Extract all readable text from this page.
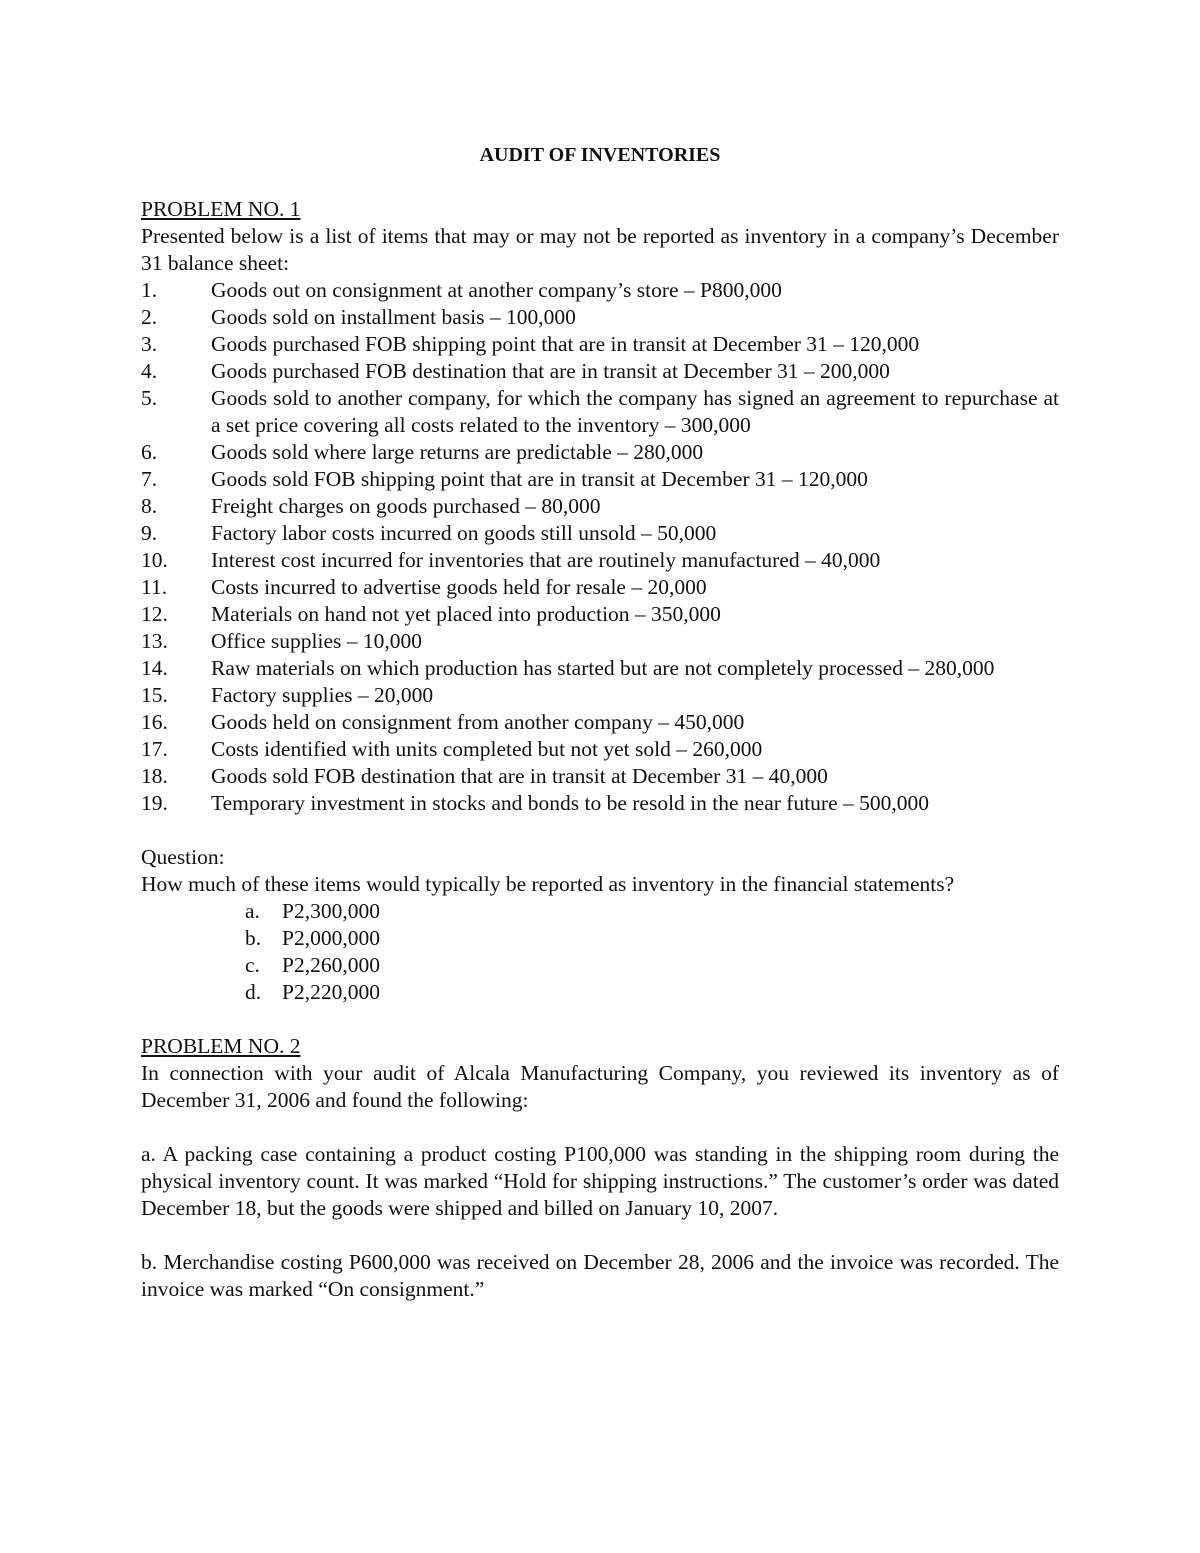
AUDIT OF INVENTORIES

PROBLEM NO. 1

Presented below is a list of items that may or may not be reported as inventory in a company’s December 31 balance sheet:

1.	Goods out on consignment at another company’s store – P800,000
2.	Goods sold on installment basis – 100,000
3.	Goods purchased FOB shipping point that are in transit at December 31 – 120,000
4.	Goods purchased FOB destination that are in transit at December 31 – 200,000
5.	Goods sold to another company, for which the company has signed an agreement to repurchase at a set price covering all costs related to the inventory – 300,000
6.	Goods sold where large returns are predictable – 280,000
7.	Goods sold FOB shipping point that are in transit at December 31 – 120,000
8.	Freight charges on goods purchased – 80,000
9.	Factory labor costs incurred on goods still unsold – 50,000
10.	Interest cost incurred for inventories that are routinely manufactured – 40,000
11.	Costs incurred to advertise goods held for resale – 20,000
12.	Materials on hand not yet placed into production – 350,000
13.	Office supplies – 10,000
14.	Raw materials on which production has started but are not completely processed – 280,000
15.	Factory supplies – 20,000
16.	Goods held on consignment from another company – 450,000
17.	Costs identified with units completed but not yet sold – 260,000
18.	Goods sold FOB destination that are in transit at December 31 – 40,000
19.	Temporary investment in stocks and bonds to be resold in the near future – 500,000

Question:

How much of these items would typically be reported as inventory in the financial statements?

a.	P2,300,000
b. P2,000,000
c.	P2,260,000
d. P2,220,000

PROBLEM NO. 2

In connection with your audit of Alcala Manufacturing Company, you reviewed its inventory as of December 31, 2006 and found the following:

a. A packing case containing a product costing P100,000 was standing in the shipping room during the physical inventory count. It was marked “Hold for shipping instructions.” The customer’s order was dated December 18, but the goods were shipped and billed on January 10, 2007.

b. Merchandise costing P600,000 was received on December 28, 2006 and the invoice was recorded. The invoice was marked “On consignment.”
